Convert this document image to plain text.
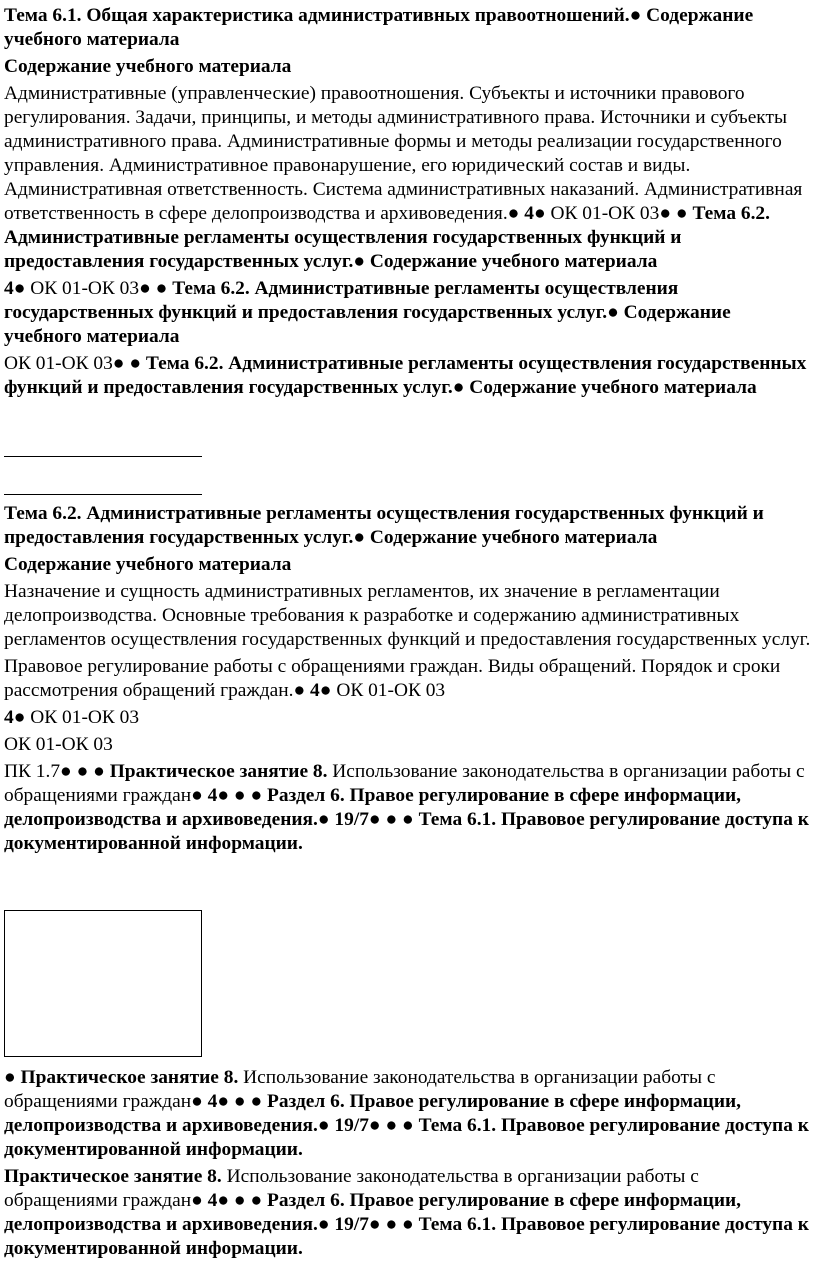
Тема 6.1. Общая характеристика административных правоотношений.● Содержание учебного материала

Содержание учебного материала

Административные (управленческие) правоотношения. Субъекты и источники правового регулирования. Задачи, принципы, и методы административного права. Источники и субъекты административного права. Административные формы и методы реализации государственного управления. Административное правонарушение, его юридический состав и виды. Административная ответственность. Система административных наказаний. Административная ответственность в сфере делопроизводства и архивоведения.● 4● ОК 01-ОК 03● ● Тема 6.2. Административные регламенты осуществления государственных функций и предоставления государственных услуг.● Содержание учебного материала

4● ОК 01-ОК 03● ● Тема 6.2. Административные регламенты осуществления государственных функций и предоставления государственных услуг.● Содержание учебного материала

ОК 01-ОК 03● ● Тема 6.2. Административные регламенты осуществления государственных функций и предоставления государственных услуг.● Содержание учебного материала

Тема 6.2. Административные регламенты осуществления государственных функций и предоставления государственных услуг.● Содержание учебного материала

Содержание учебного материала

Назначение и сущность административных регламентов, их значение в регламентации делопроизводства. Основные требования к разработке и содержанию административных регламентов осуществления государственных функций и предоставления государственных услуг.

Правовое регулирование работы с обращениями граждан. Виды обращений. Порядок и сроки рассмотрения обращений граждан.● 4● ОК 01-ОК 03

4● ОК 01-ОК 03

ОК 01-ОК 03

ПК 1.7● ● ● Практическое занятие 8. Использование законодательства в организации работы с обращениями граждан● 4● ● ● Раздел 6. Правое регулирование в сфере информации, делопроизводства и архивоведения.● 19/7● ● ● Тема 6.1. Правовое регулирование доступа к документированной информации.

● Практическое занятие 8. Использование законодательства в организации работы с обращениями граждан● 4● ● ● Раздел 6. Правое регулирование в сфере информации, делопроизводства и архивоведения.● 19/7● ● ● Тема 6.1. Правовое регулирование доступа к документированной информации.

Практическое занятие 8. Использование законодательства в организации работы с обращениями граждан● 4● ● ● Раздел 6. Правое регулирование в сфере информации, делопроизводства и архивоведения.● 19/7● ● ● Тема 6.1. Правовое регулирование доступа к документированной информации.
